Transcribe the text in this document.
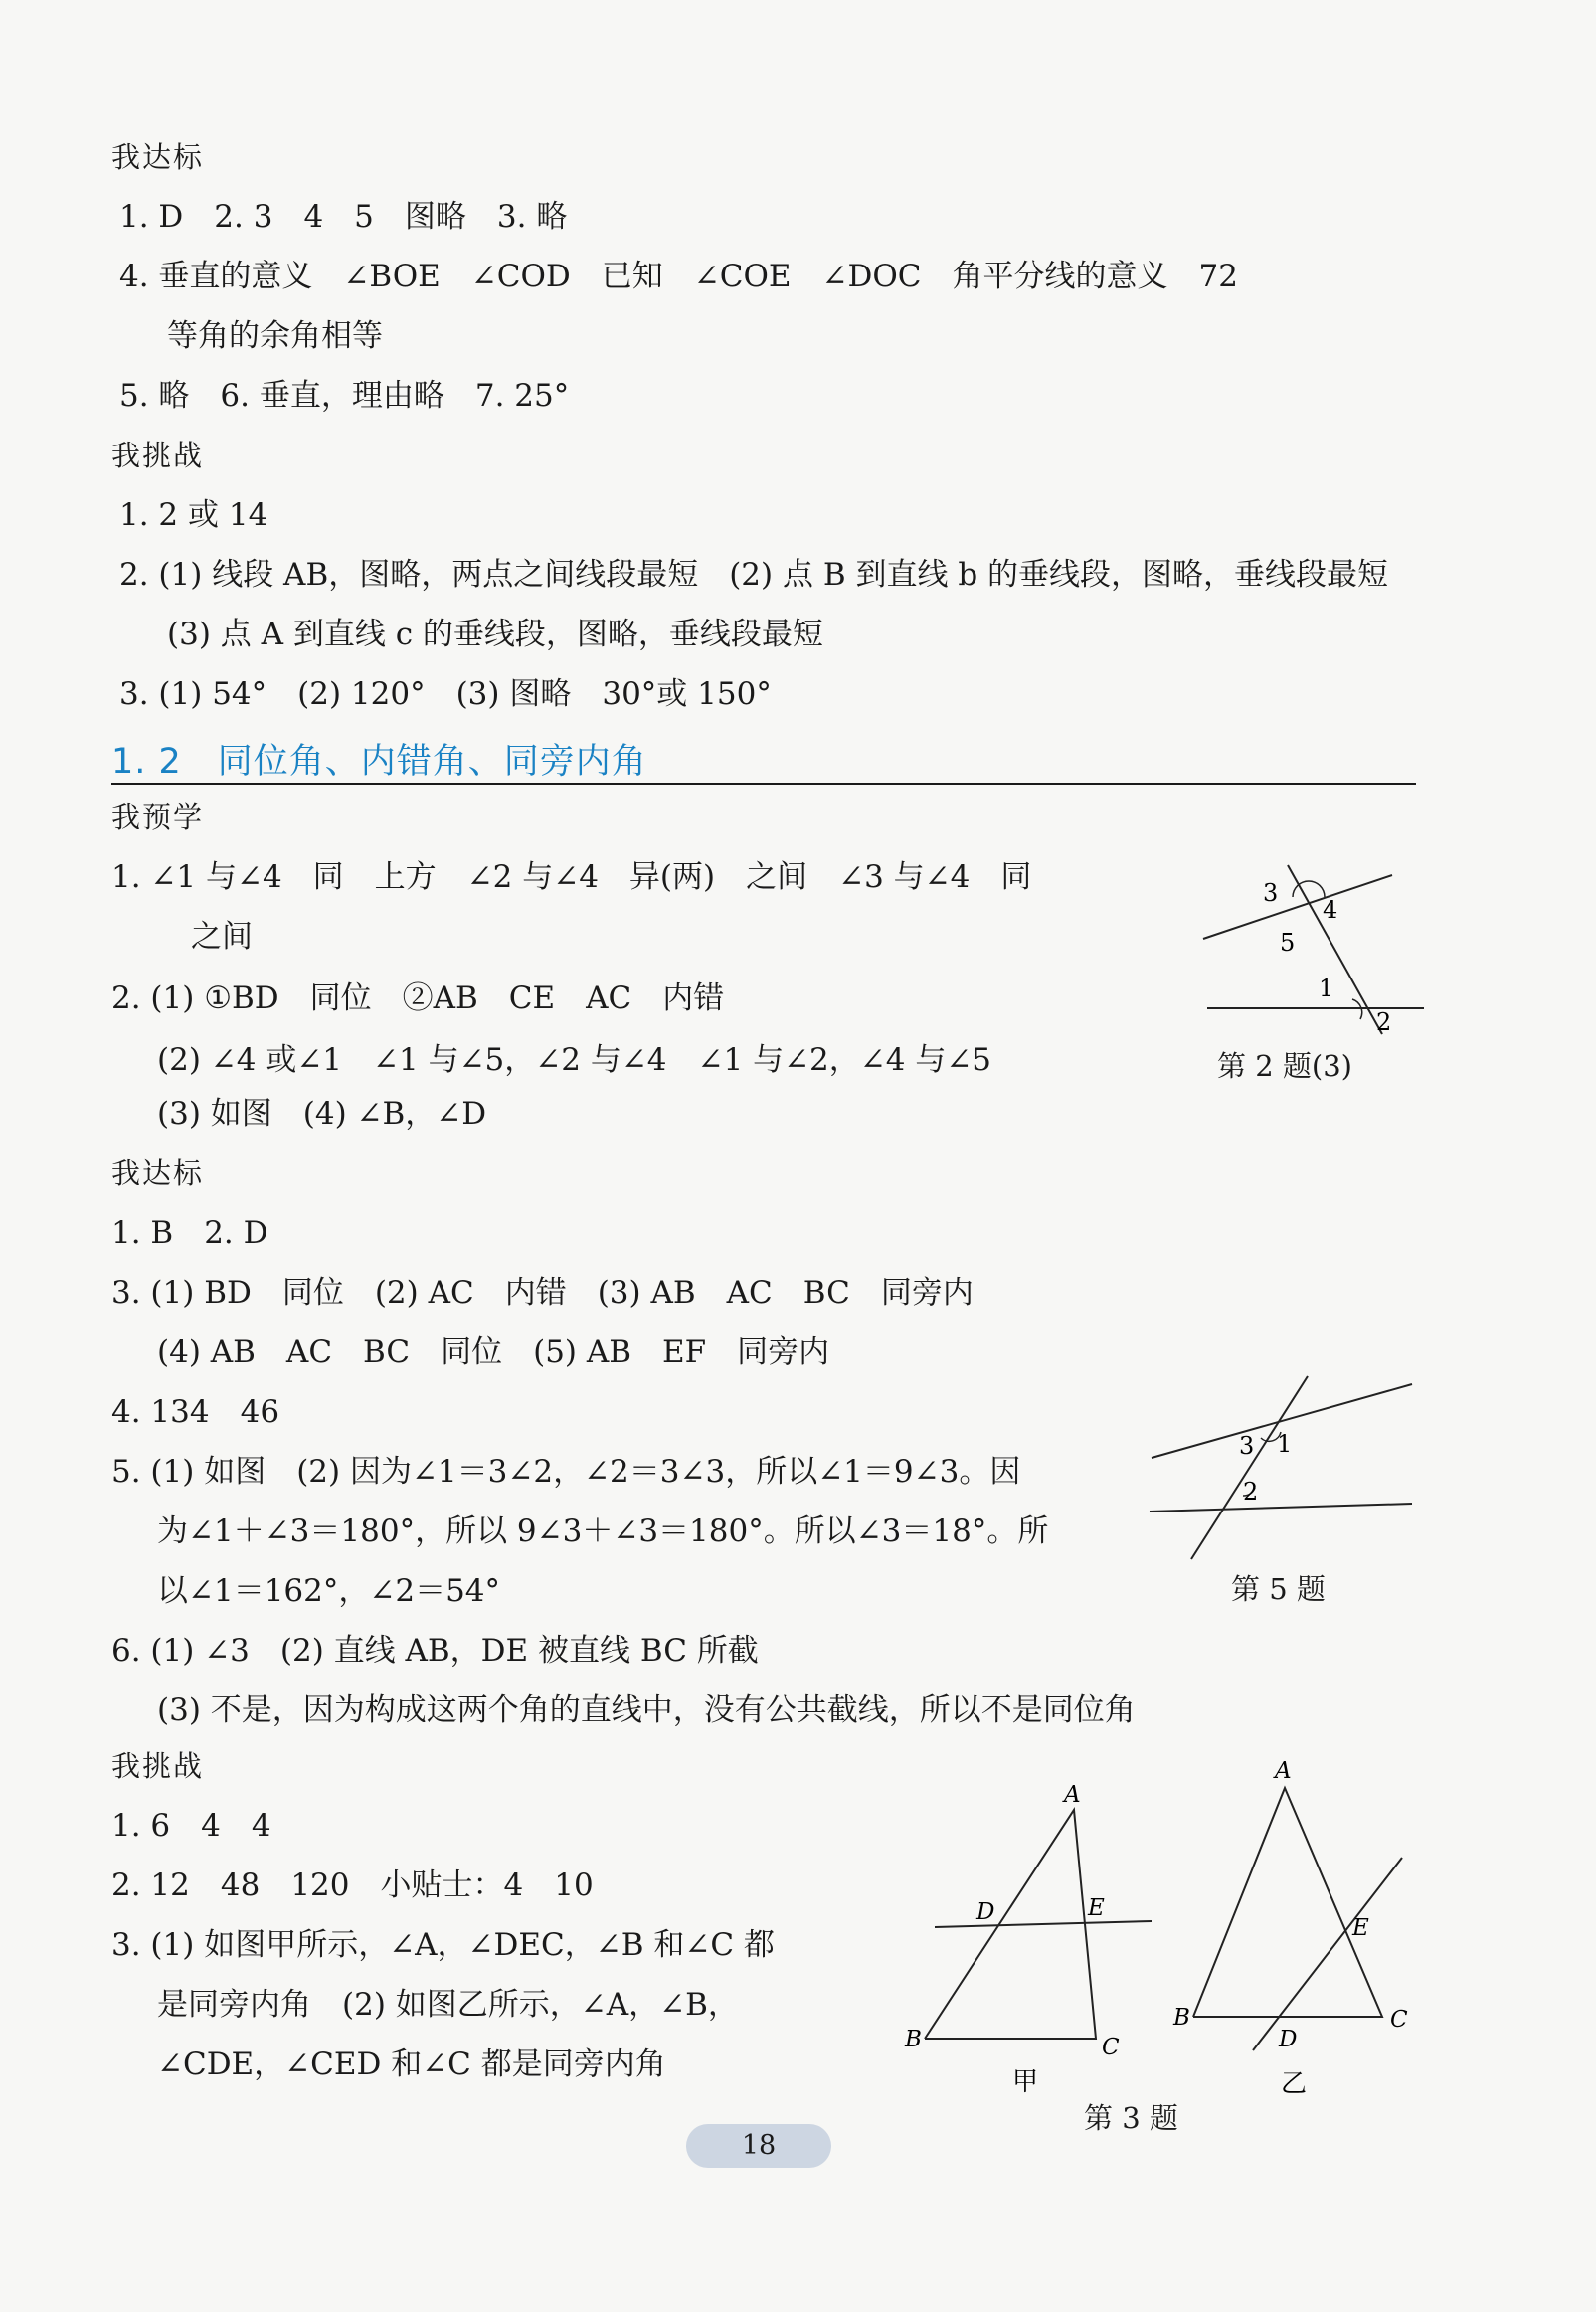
我达标
1. D　2. 3　4　5　图略　3. 略
4. 垂直的意义　∠BOE　∠COD　已知　∠COE　∠DOC　角平分线的意义　72
等角的余角相等
5. 略　6. 垂直，理由略　7. 25°
我挑战
1. 2 或 14
2. (1) 线段 AB，图略，两点之间线段最短　(2) 点 B 到直线 b 的垂线段，图略，垂线段最短
(3) 点 A 到直线 c 的垂线段，图略，垂线段最短
3. (1) 54°　(2) 120°　(3) 图略　30°或 150°
1. 2　同位角、内错角、同旁内角
我预学
1. ∠1 与∠4　同　上方　∠2 与∠4　异(两)　之间　∠3 与∠4　同
之间
2. (1) ①BD　同位　②AB　CE　AC　内错
(2) ∠4 或∠1　∠1 与∠5，∠2 与∠4　∠1 与∠2，∠4 与∠5
(3) 如图　(4) ∠B，∠D
3
4
5
1
2
第 2 题(3)
我达标
1. B　2. D
3. (1) BD　同位　(2) AC　内错　(3) AB　AC　BC　同旁内
(4) AB　AC　BC　同位　(5) AB　EF　同旁内
4. 134　46
5. (1) 如图　(2) 因为∠1＝3∠2，∠2＝3∠3，所以∠1＝9∠3。因
为∠1＋∠3＝180°，所以 9∠3＋∠3＝180°。所以∠3＝18°。所
以∠1＝162°，∠2＝54°
3 1
2
第 5 题
6. (1) ∠3　(2) 直线 AB，DE 被直线 BC 所截
(3) 不是，因为构成这两个角的直线中，没有公共截线，所以不是同位角
我挑战
1. 6　4　4
2. 12　48　120　小贴士：4　10
3. (1) 如图甲所示，∠A，∠DEC，∠B 和∠C 都
是同旁内角　(2) 如图乙所示，∠A，∠B，
∠CDE，∠CED 和∠C 都是同旁内角
A
D	E
B	C
甲
A
E
B
D
C
乙
第 3 题
18
